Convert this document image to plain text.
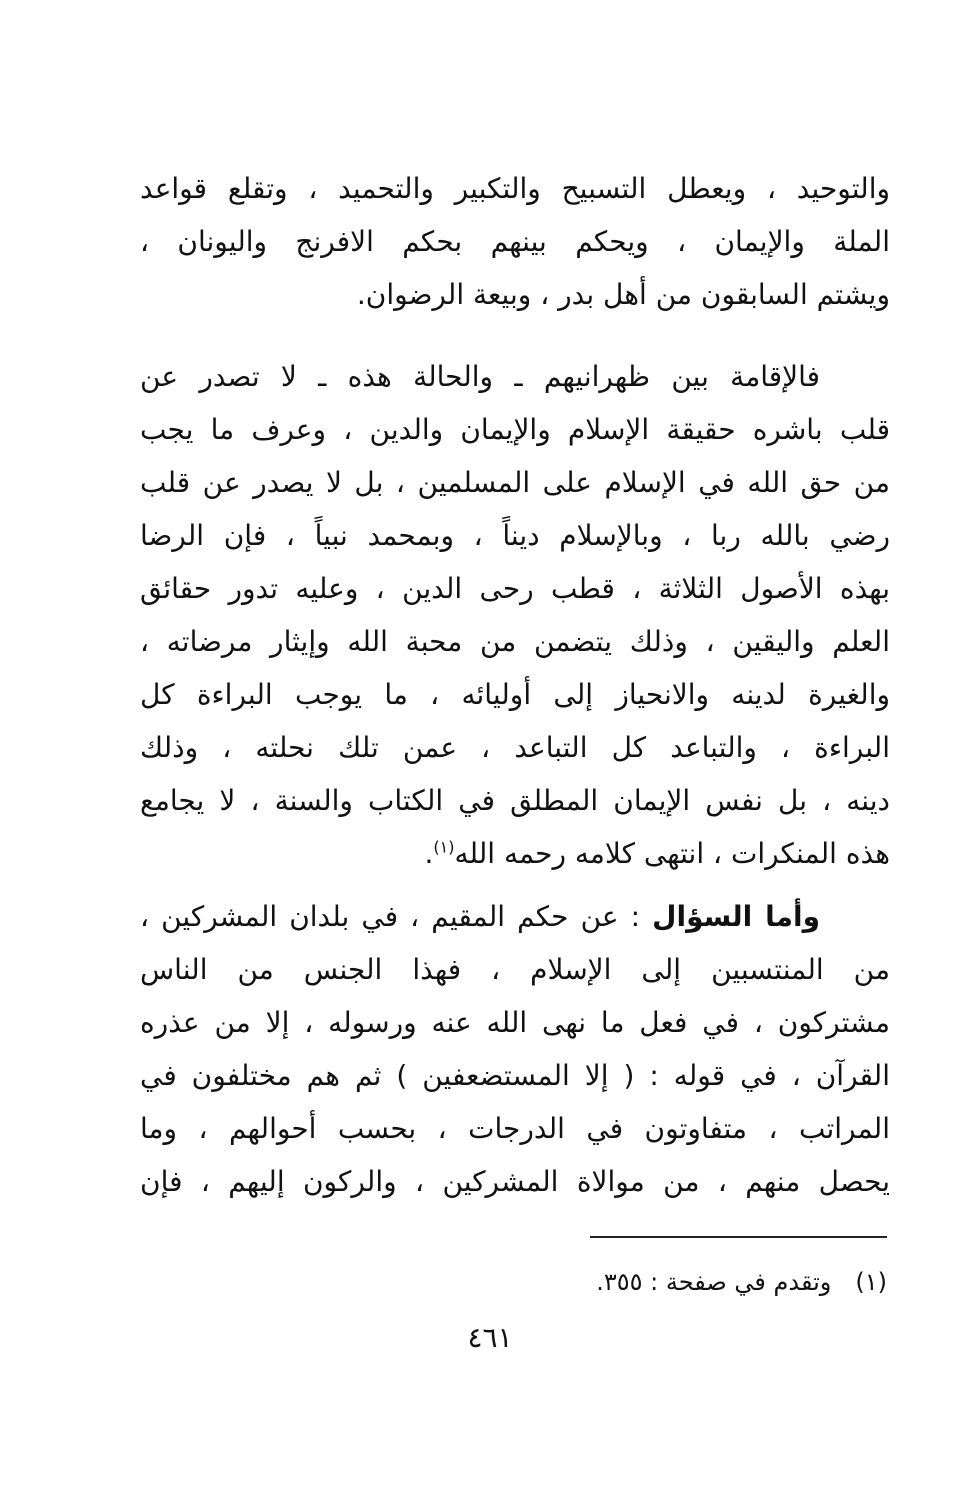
والتوحيد ، ويعطل التسبيح والتكبير والتحميد ، وتقلع قواعد
الملة والإيمان ، ويحكم بينهم بحكم الافرنج واليونان ،
ويشتم السابقون من أهل بدر ، وبيعة الرضوان.
فالإقامة بين ظهرانيهم ـ والحالة هذه ـ لا تصدر عن
قلب باشره حقيقة الإسلام والإيمان والدين ، وعرف ما يجب
من حق الله في الإسلام على المسلمين ، بل لا يصدر عن قلب
رضي بالله ربا ، وبالإسلام ديناً ، وبمحمد نبياً ، فإن الرضا
بهذه الأصول الثلاثة ، قطب رحى الدين ، وعليه تدور حقائق
العلم واليقين ، وذلك يتضمن من محبة الله وإيثار مرضاته ،
والغيرة لدينه والانحياز إلى أوليائه ، ما يوجب البراءة كل
البراءة ، والتباعد كل التباعد ، عمن تلك نحلته ، وذلك
دينه ، بل نفس الإيمان المطلق في الكتاب والسنة ، لا يجامع
هذه المنكرات ، انتهى كلامه رحمه الله$^{(١)}$.
وأما السؤال : عن حكم المقيم ، في بلدان المشركين ،
من المنتسبين إلى الإسلام ، فهذا الجنس من الناس
مشتركون ، في فعل ما نهى الله عنه ورسوله ، إلا من عذره
القرآن ، في قوله : ( إلا المستضعفين ) ثم هم مختلفون في
المراتب ، متفاوتون في الدرجات ، بحسب أحوالهم ، وما
يحصل منهم ، من موالاة المشركين ، والركون إليهم ، فإن
(١)وتقدم في صفحة : ٣٥٥.
٤٦١
